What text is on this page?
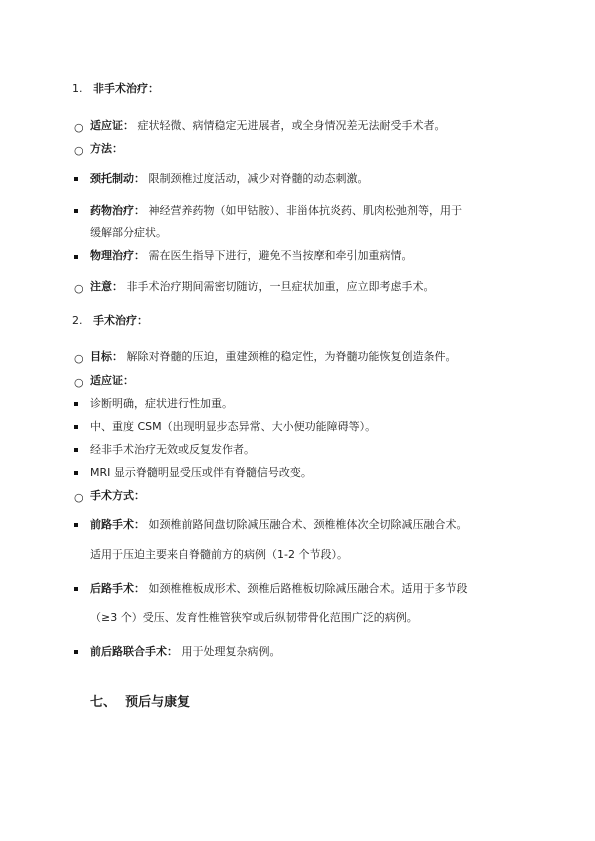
1. 非手术治疗：
○ 适应证： 症状轻微、病情稳定无进展者，或全身情况差无法耐受手术者。
○ 方法：
颈托制动： 限制颈椎过度活动，减少对脊髓的动态刺激。
药物治疗： 神经营养药物（如甲钴胺）、非甾体抗炎药、肌肉松弛剂等，用于
缓解部分症状。
物理治疗： 需在医生指导下进行，避免不当按摩和牵引加重病情。
○ 注意： 非手术治疗期间需密切随访，一旦症状加重，应立即考虑手术。
2. 手术治疗：
○ 目标： 解除对脊髓的压迫，重建颈椎的稳定性，为脊髓功能恢复创造条件。
○ 适应证：
诊断明确，症状进行性加重。
中、重度 CSM（出现明显步态异常、大小便功能障碍等）。
经非手术治疗无效或反复发作者。
MRI 显示脊髓明显受压或伴有脊髓信号改变。
○ 手术方式：
前路手术： 如颈椎前路间盘切除减压融合术、颈椎椎体次全切除减压融合术。
适用于压迫主要来自脊髓前方的病例（1-2 个节段）。
后路手术： 如颈椎椎板成形术、颈椎后路椎板切除减压融合术。适用于多节段
（≥3 个）受压、发育性椎管狭窄或后纵韧带骨化范围广泛的病例。
前后路联合手术： 用于处理复杂病例。
七、 预后与康复
